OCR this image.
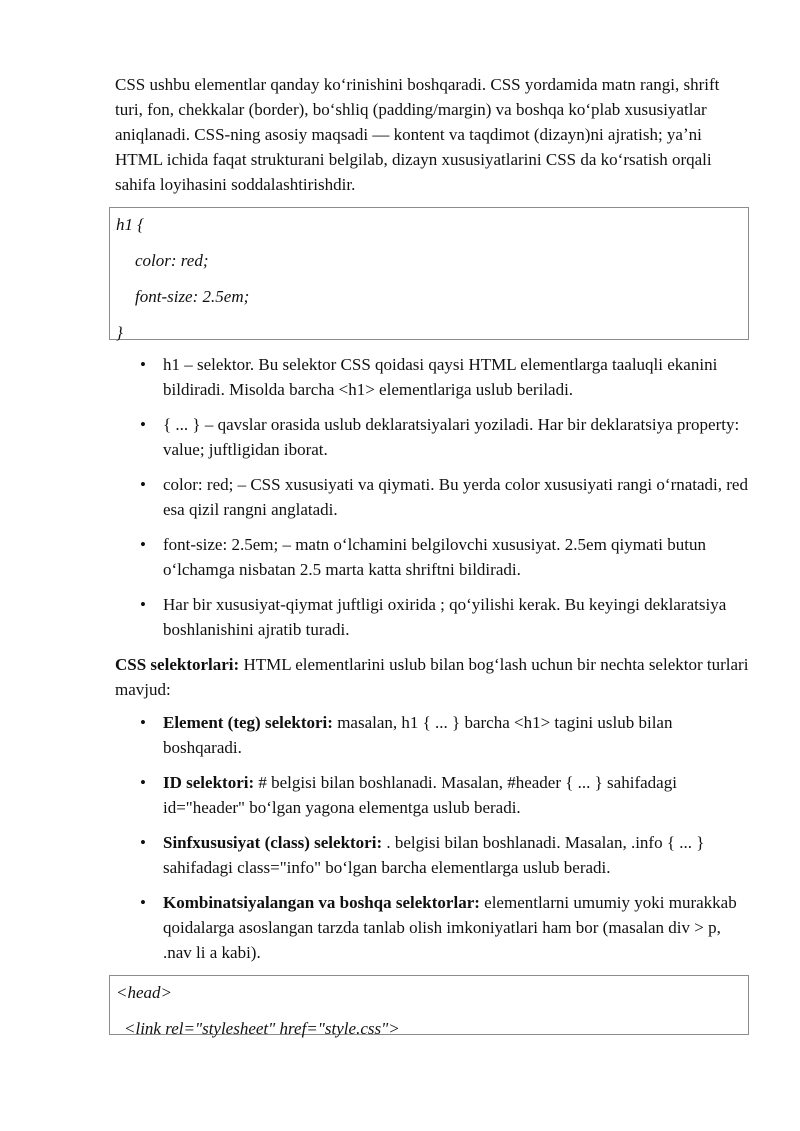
CSS ushbu elementlar qanday koʻrinishini boshqaradi. CSS yordamida matn rangi, shrift turi, fon, chekkalar (border), boʻshliq (padding/margin) va boshqa koʻplab xususiyatlar aniqlanadi. CSS-ning asosiy maqsadi — kontent va taqdimot (dizayn)ni ajratish; yaʼni HTML ichida faqat strukturani belgilab, dizayn xususiyatlarini CSS da koʻrsatish orqali sahifa loyihasini soddalashtirishdir.

h1 {
color: red;
font-size: 2.5em;
}
• h1 – selektor. Bu selektor CSS qoidasi qaysi HTML elementlarga taaluqli ekanini bildiradi. Misolda barcha <h1> elementlariga uslub beriladi.
• { ... } – qavslar orasida uslub deklaratsiyalari yoziladi. Har bir deklaratsiya property: value; juftligidan iborat.
• color: red; – CSS xususiyati va qiymati. Bu yerda color xususiyati rangi oʻrnatadi, red esa qizil rangni anglatadi.
• font-size: 2.5em; – matn oʻlchamini belgilovchi xususiyat. 2.5em qiymati butun oʻlchamga nisbatan 2.5 marta katta shriftni bildiradi.
• Har bir xususiyat-qiymat juftligi oxirida ; qoʻyilishi kerak. Bu keyingi deklaratsiya boshlanishini ajratib turadi.

CSS selektorlari: HTML elementlarini uslub bilan bogʻlash uchun bir nechta selektor turlari mavjud:

• Element (teg) selektori: masalan, h1 { ... } barcha <h1> tagini uslub bilan boshqaradi.
• ID selektori: # belgisi bilan boshlanadi. Masalan, #header { ... } sahifadagi id="header" boʻlgan yagona elementga uslub beradi.
• Sinfxususiyat (class) selektori: . belgisi bilan boshlanadi. Masalan, .info { ... } sahifadagi class="info" boʻlgan barcha elementlarga uslub beradi.
• Kombinatsiyalangan va boshqa selektorlar: elementlarni umumiy yoki murakkab qoidalarga asoslangan tarzda tanlab olish imkoniyatlari ham bor (masalan div > p, .nav li a kabi).
<head>
<link rel="stylesheet" href="style.css">
